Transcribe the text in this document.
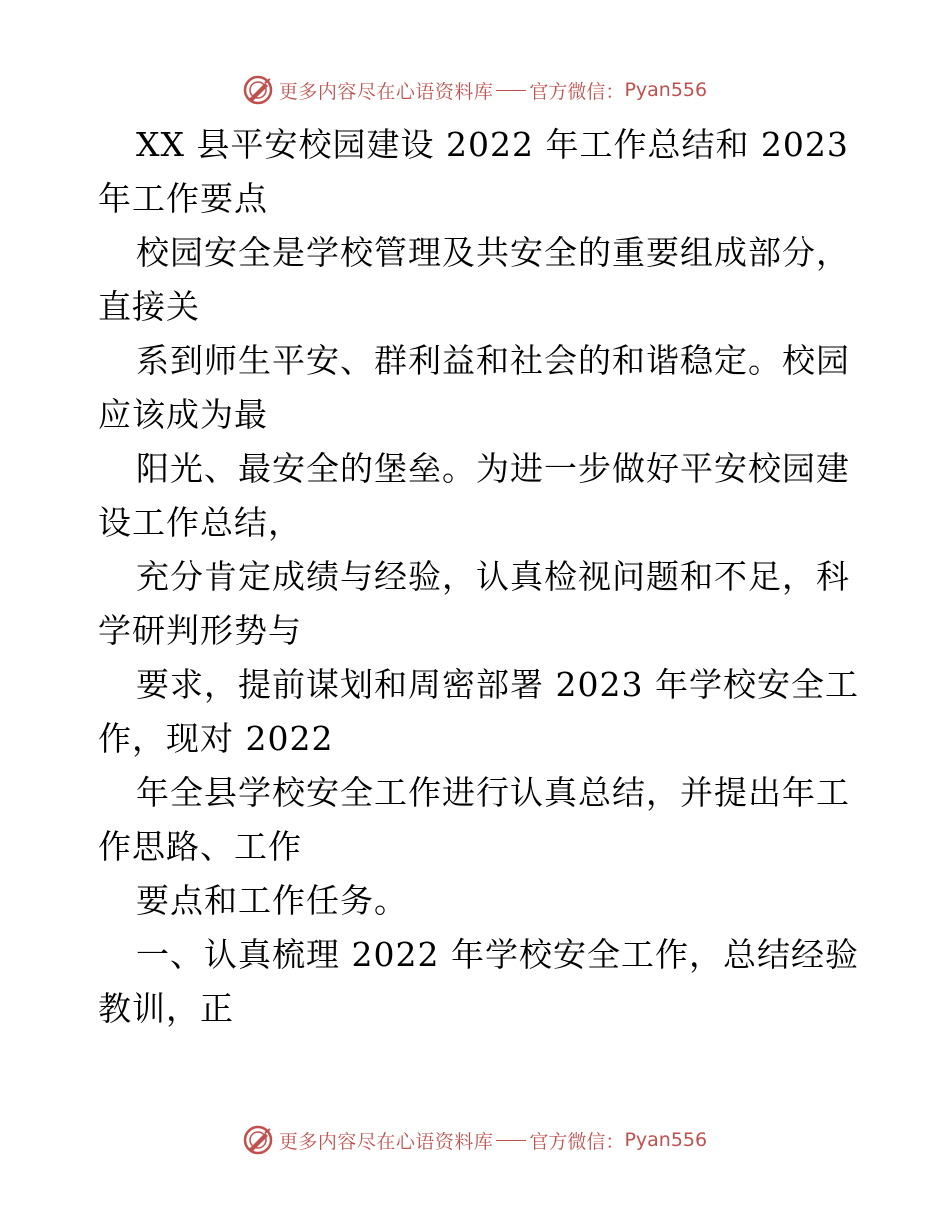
更多内容尽在心语资料库 官方微信： Pyan556
XX 县平安校园建设 2022 年工作总结和 2023
年工作要点
校园安全是学校管理及共安全的重要组成部分，
直接关
系到师生平安、群利益和社会的和谐稳定。校园
应该成为最
阳光、最安全的堡垒。为进一步做好平安校园建
设工作总结，
充分肯定成绩与经验，认真检视问题和不足，科
学研判形势与
要求，提前谋划和周密部署 2023 年学校安全工
作，现对 2022
年全县学校安全工作进行认真总结，并提出年工
作思路、工作
要点和工作任务。
一、认真梳理 2022 年学校安全工作，总结经验
教训，正
更多内容尽在心语资料库 官方微信： Pyan556
